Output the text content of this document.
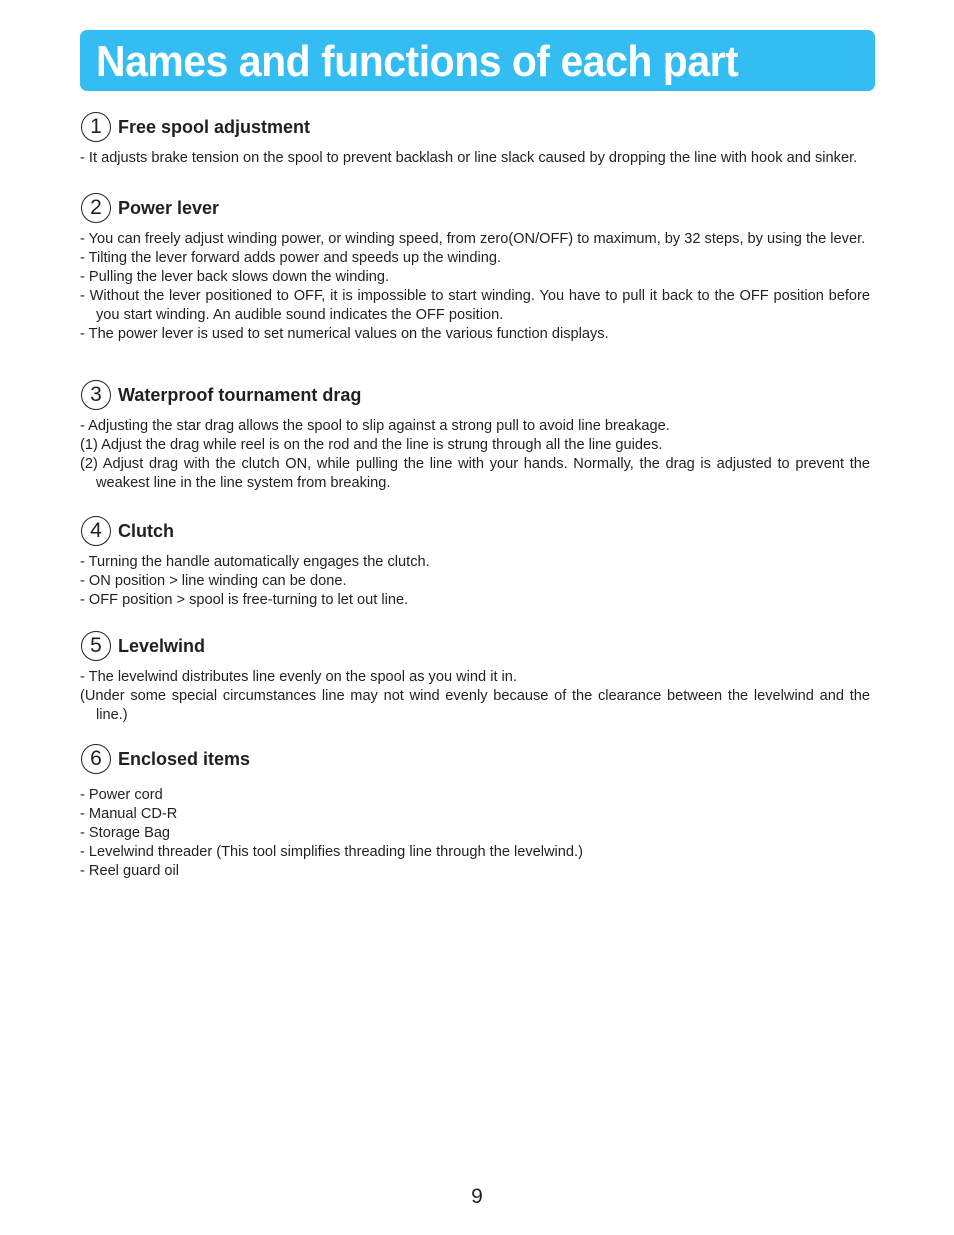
Names and functions of each part
1 Free spool adjustment
- It adjusts brake tension on the spool to prevent backlash or line slack caused by dropping the line with hook and sinker.
2 Power lever
- You can freely adjust winding power, or winding speed, from zero(ON/OFF) to maximum, by 32 steps, by using the lever.
- Tilting the lever forward adds power and speeds up the winding.
- Pulling the lever back slows down the winding.
- Without the lever positioned to OFF, it is impossible to start winding. You have to pull it back to the OFF position before you start winding. An audible sound indicates the OFF position.
- The power lever is used to set numerical values on the various function displays.
3 Waterproof tournament drag
- Adjusting the star drag allows the spool to slip against a strong pull to avoid line breakage.
(1) Adjust the drag while reel is on the rod and the line is strung through all the line guides.
(2) Adjust drag with the clutch ON, while pulling the line with your hands. Normally, the drag is adjusted to prevent the weakest line in the line system from breaking.
4 Clutch
- Turning the handle automatically engages the clutch.
- ON position > line winding can be done.
- OFF position > spool is free-turning to let out line.
5 Levelwind
- The levelwind distributes line evenly on the spool as you wind it in.
(Under some special circumstances line may not wind evenly because of the clearance between the levelwind and the line.)
6 Enclosed items
- Power cord
- Manual CD-R
- Storage Bag
- Levelwind threader (This tool simplifies threading line through the levelwind.)
- Reel guard oil
9
